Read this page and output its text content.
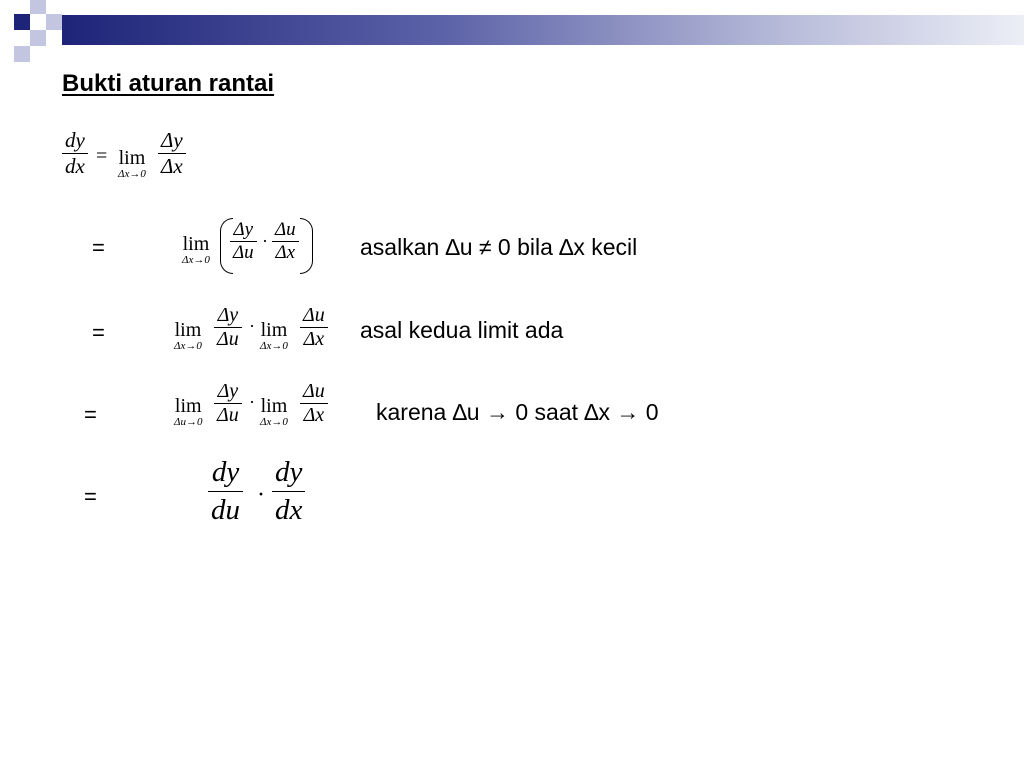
Bukti aturan rantai
dy
dx = lim
Δx→0
Δy
Δx
=	lim
Δx→0
Δy
Δu
·
Δu
Δx	asalkan ∆u ≠ 0 bila ∆x kecil
=	lim
Δx→0
Δy
Δu
· lim
Δx→0
Δu
Δx asal kedua limit ada
=	lim
Δu→0
Δy
Δu
· lim
Δx→0
Δu
Δx karena ∆u → 0 saat ∆x → 0
=
dy
du ·
dy
dx
